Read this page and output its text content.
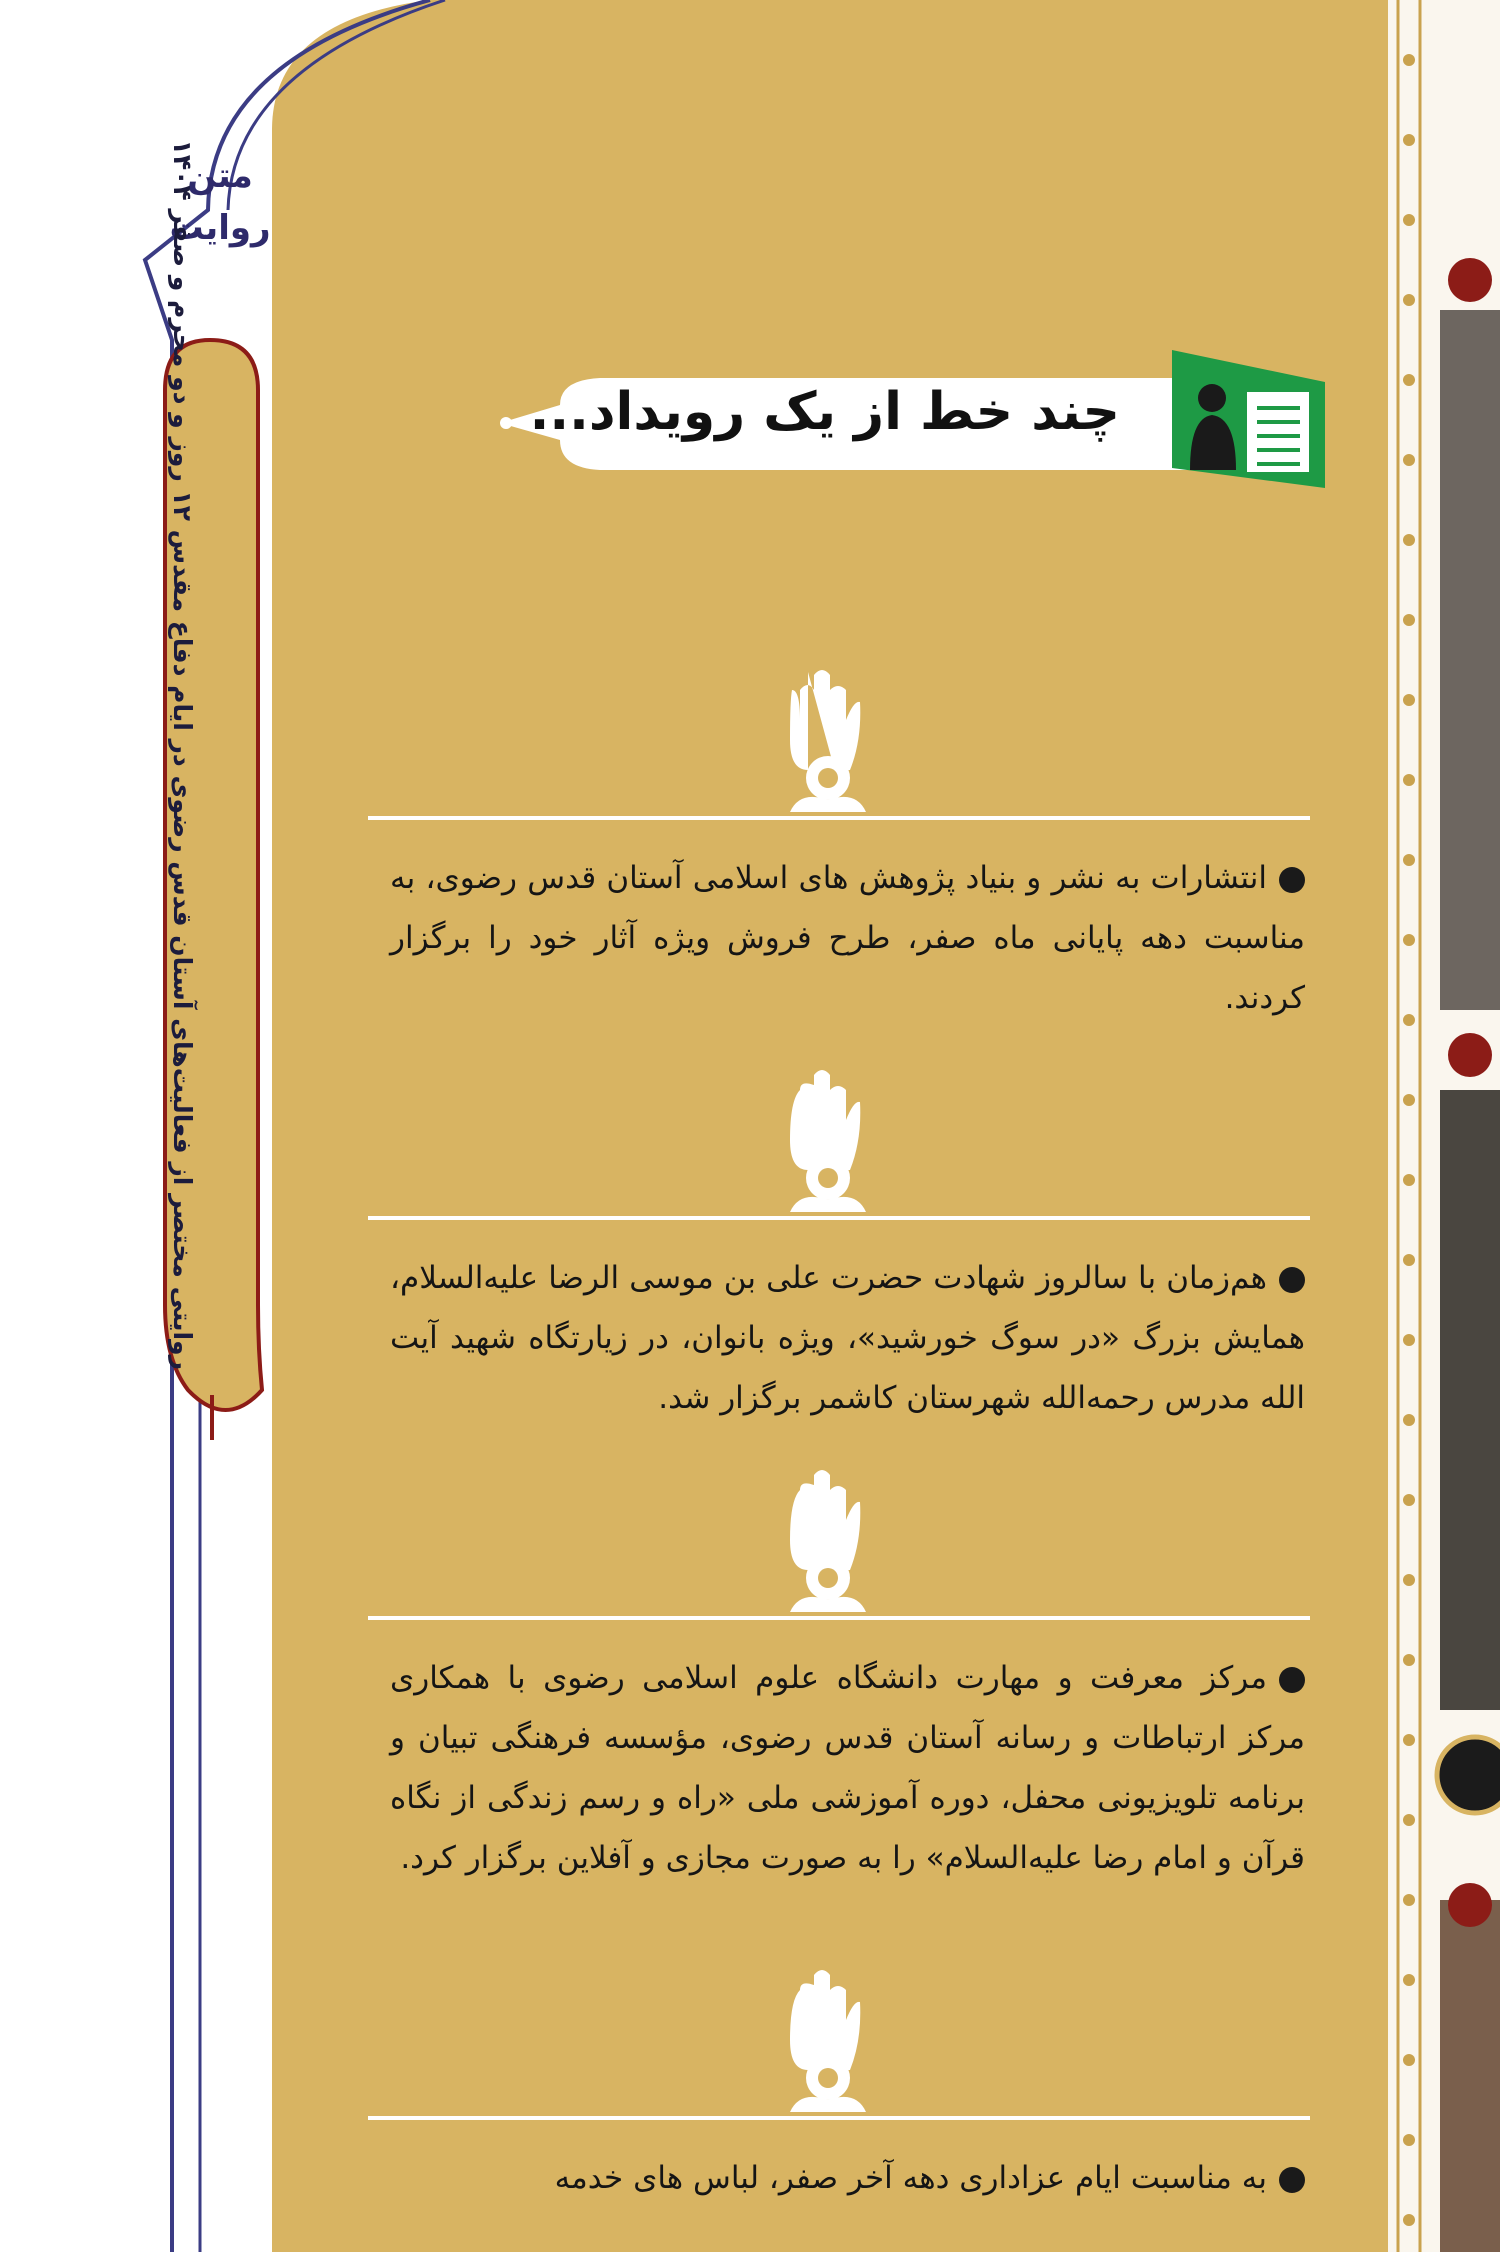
متن روایت
روایتی مختصر از فعالیت‌های آستان قدس رضوی در ایام دفاع مقدس ۱۲ روز و دو محرم و صفر ۱۴۰۴
چند خط از یک رویداد...
انتشارات به نشر و بنیاد پژوهش های اسلامی آستان قدس رضوی، به مناسبت دهه پایانی ماه صفر، طرح فروش ویژه آثار خود را برگزار کردند.
هم‌زمان با سالروز شهادت حضرت علی بن موسی الرضا علیه‌السلام، همایش بزرگ «در سوگ خورشید»، ویژه بانوان، در زیارتگاه شهید آیت الله مدرس رحمه‌الله شهرستان کاشمر برگزار شد.
مرکز معرفت و مهارت دانشگاه علوم اسلامی رضوی با همکاری مرکز ارتباطات و رسانه آستان قدس رضوی، مؤسسه فرهنگی تبیان و برنامه تلویزیونی محفل، دوره آموزشی ملی «راه و رسم زندگی از نگاه قرآن و امام رضا علیه‌السلام» را به صورت مجازی و آفلاین برگزار کرد.
به مناسبت ایام عزاداری دهه آخر صفر، لباس های خدمه
